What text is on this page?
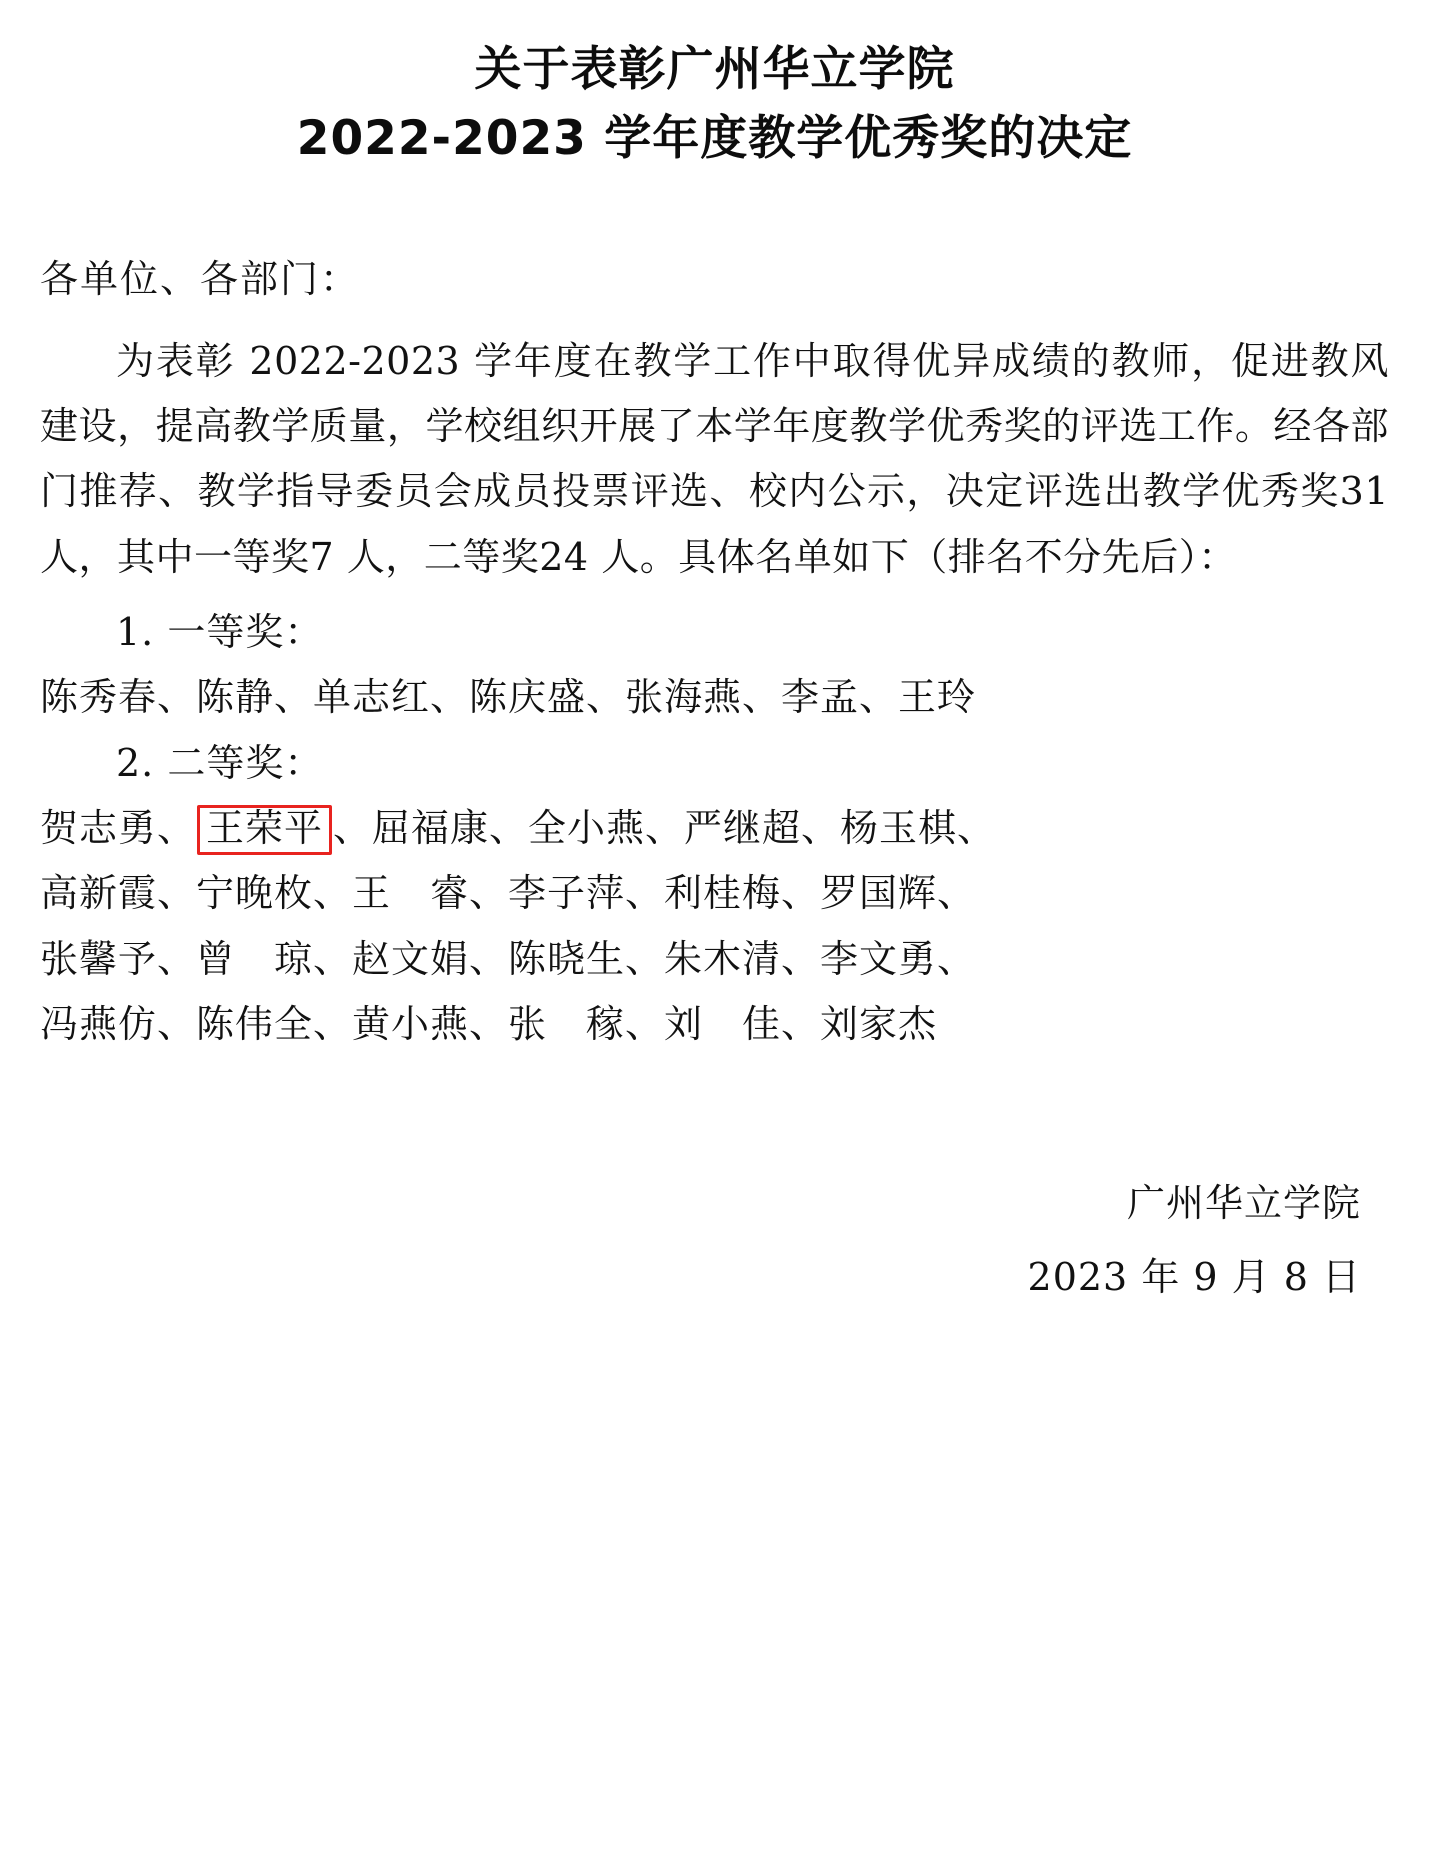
关于表彰广州华立学院
2022-2023 学年度教学优秀奖的决定
各单位、各部门：
为表彰 2022-2023 学年度在教学工作中取得优异成绩的教师，促进教风建设，提高教学质量，学校组织开展了本学年度教学优秀奖的评选工作。经各部门推荐、教学指导委员会成员投票评选、校内公示，决定评选出教学优秀奖31 人，其中一等奖7 人，二等奖24 人。具体名单如下（排名不分先后）：
1. 一等奖：
陈秀春、陈静、单志红、陈庆盛、张海燕、李孟、王玲
2. 二等奖：
贺志勇、 王荣平 、屈福康、全小燕、严继超、杨玉棋、
高新霞、宁晚枚、王　睿、李子萍、利桂梅、罗国辉、
张馨予、曾　琼、赵文娟、陈晓生、朱木清、李文勇、
冯燕仿、陈伟全、黄小燕、张　稼、刘　佳、刘家杰
广州华立学院
2023 年 9 月 8 日
